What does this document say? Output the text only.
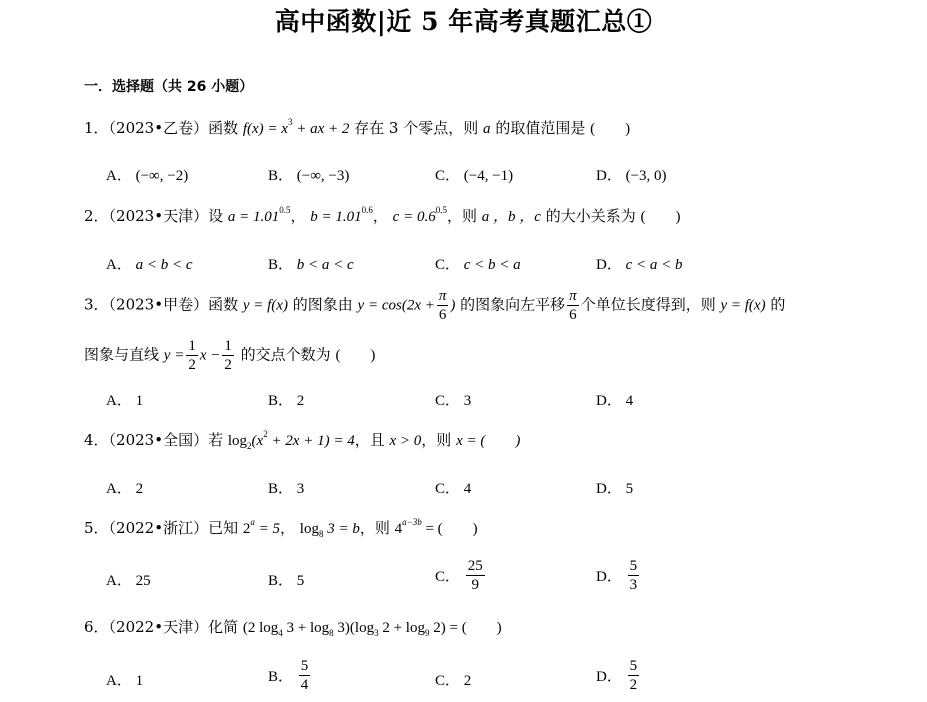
高中函数|近 5 年高考真题汇总①
一．选择题（共 26 小题）
1．（2023•乙卷）函数 $f(x) = x^3$ + ax + 2 存在 3 个零点，则 a 的取值范围是 (　　)
A． (−∞, −2)	B． (−∞, −3)	C． (−4, −1)	D． (−3, 0)
2．（2023•天津）设 $a = 1.01^{0.5}$， $b = 1.01^{0.6}$， $c = 0.6^{0.5}$，则 a ，b ，c 的大小关系为 (　　)
A． a < b < c	B． b < a < c	C． c < b < a	D． c < a < b
3．（2023•甲卷）函数 y = f(x) 的图象由 $y = \cos(2x + \frac{\pi}{6}$ ) 的图象向左平移 $\frac{\pi}{6}$ 个单位长度得到，则 y = f(x) 的
图象与直线 $y = \frac{1}{2}$ $x - \frac{1}{2}$ 的交点个数为 (　　)
A． 1	B． 2	C． 3	D． 4
4．（2023•全国）若 $\log_2(x^2 + 2x + 1) = 4$，且 x > 0，则 x = (　　)
A． 2	B． 3	C． 4	D． 5
5．（2022•浙江）已知 $2^a = 5$， $\log_8 3 = b$，则 $4^{a-3b}$ = (　　)
A． 25	B． 5	C． $\frac{25}{9}$	D． $\frac{5}{3}$
6．（2022•天津）化简 (2 $\log_4 3 + \log_8 3)(\log_3$ $2 + \log_9 2$) = (　　)
A． 1	B． $\frac{5}{4}$	C． 2	D． $\frac{5}{2}$
